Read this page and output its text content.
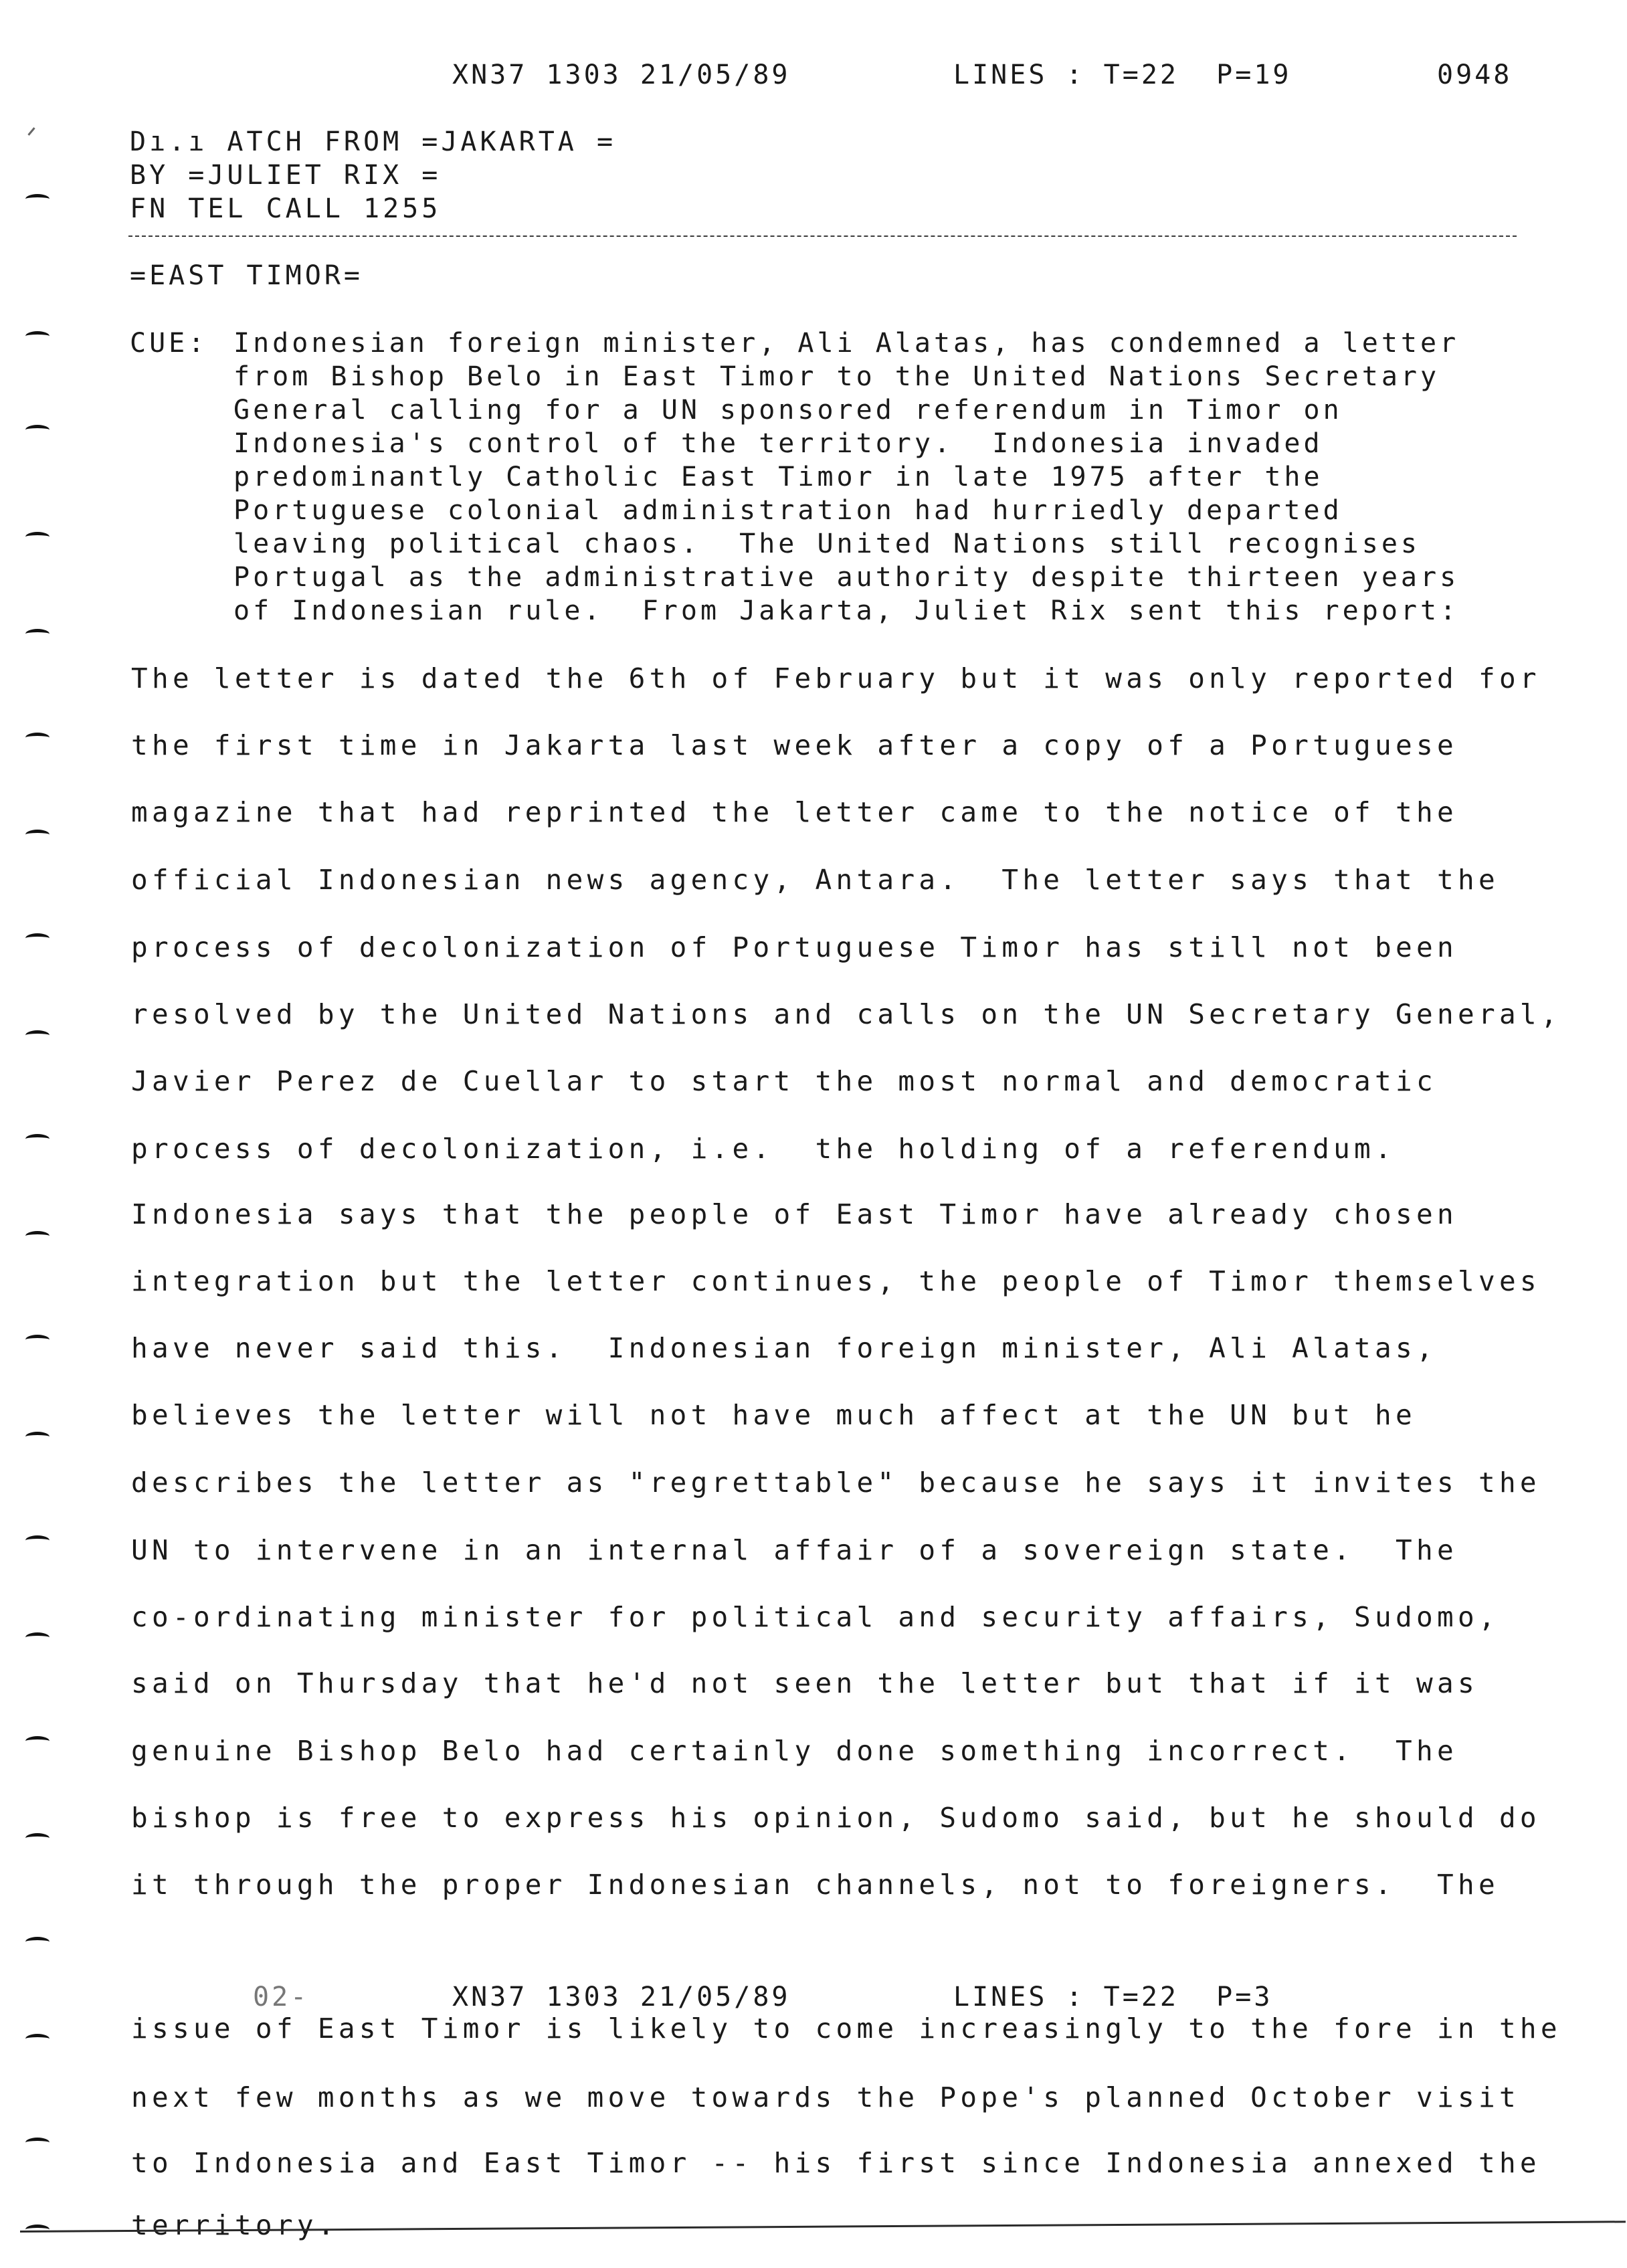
XN37 1303 21/05/89	LINES : T=22  P=19	0948
Dı.ı ATCH FROM =JAKARTA =
BY =JULIET RIX =
FN TEL CALL 1255
=EAST TIMOR=
CUE: Indonesian foreign minister, Ali Alatas, has condemned a letter
from Bishop Belo in East Timor to the United Nations Secretary
General calling for a UN sponsored referendum in Timor on
Indonesia's control of the territory.  Indonesia invaded
predominantly Catholic East Timor in late 1975 after the
Portuguese colonial administration had hurriedly departed
leaving political chaos.  The United Nations still recognises
Portugal as the administrative authority despite thirteen years
of Indonesian rule.  From Jakarta, Juliet Rix sent this report:
The letter is dated the 6th of February but it was only reported for
the first time in Jakarta last week after a copy of a Portuguese
magazine that had reprinted the letter came to the notice of the
official Indonesian news agency, Antara.  The letter says that the
process of decolonization of Portuguese Timor has still not been
resolved by the United Nations and calls on the UN Secretary General,
Javier Perez de Cuellar to start the most normal and democratic
process of decolonization, i.e.  the holding of a referendum.
Indonesia says that the people of East Timor have already chosen
integration but the letter continues, the people of Timor themselves
have never said this.  Indonesian foreign minister, Ali Alatas,
believes the letter will not have much affect at the UN but he
describes the letter as "regrettable" because he says it invites the
UN to intervene in an internal affair of a sovereign state.  The
co-ordinating minister for political and security affairs, Sudomo,
said on Thursday that he'd not seen the letter but that if it was
genuine Bishop Belo had certainly done something incorrect.  The
bishop is free to express his opinion, Sudomo said, but he should do
it through the proper Indonesian channels, not to foreigners.  The
02-	XN37 1303 21/05/89	LINES : T=22  P=3
issue of East Timor is likely to come increasingly to the fore in the
next few months as we move towards the Pope's planned October visit
to Indonesia and East Timor -- his first since Indonesia annexed the
territory.
